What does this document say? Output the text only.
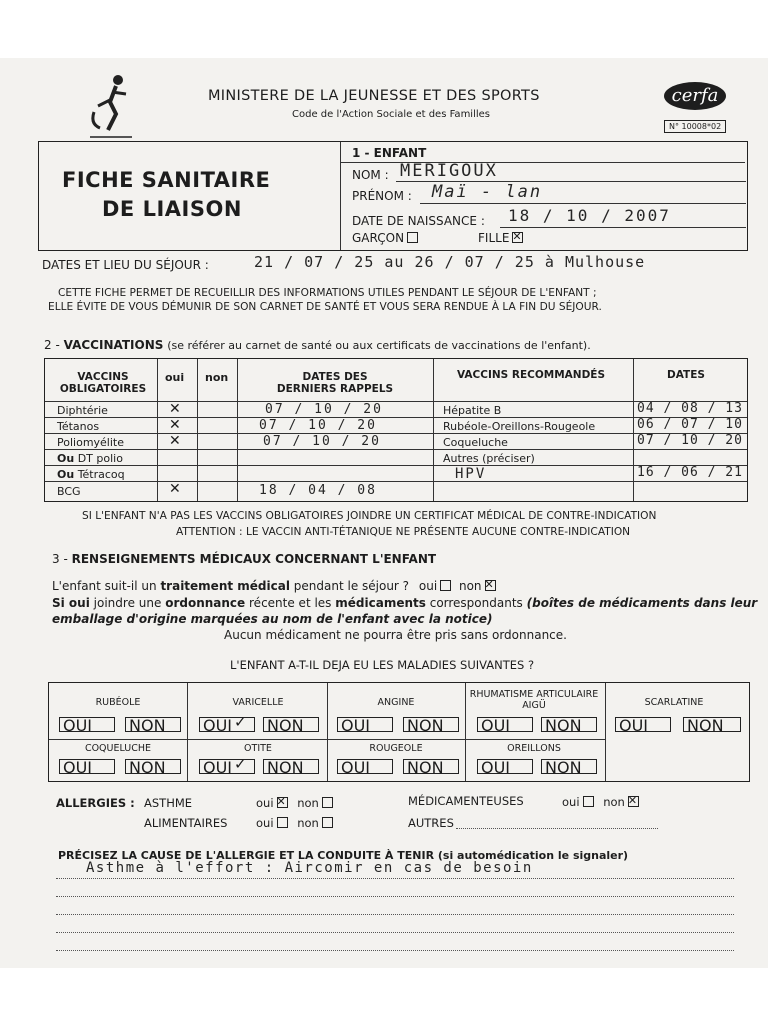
MINISTERE DE LA JEUNESSE ET DES SPORTS
Code de l'Action Sociale et des Familles
cerfa
N° 10008*02
FICHE SANITAIRE
DE LIAISON
1 - ENFANT
NOM : MERIGOUX
PRÉNOM : Maï - lan
DATE DE NAISSANCE : 18 / 10 / 2007
GARÇON	FILLE✕
DATES ET LIEU DU SÉJOUR :	21 / 07 / 25 au 26 / 07 / 25 à Mulhouse
CETTE FICHE PERMET DE RECUEILLIR DES INFORMATIONS UTILES PENDANT LE SÉJOUR DE L'ENFANT ;
ELLE ÉVITE DE VOUS DÉMUNIR DE SON CARNET DE SANTÉ ET VOUS SERA RENDUE À LA FIN DU SÉJOUR.
2 - VACCINATIONS (se référer au carnet de santé ou aux certificats de vaccinations de l'enfant).
VACCINS OBLIGATOIRES
oui non	DATES DES DERNIERS RAPPELS
VACCINS RECOMMANDÉS	DATES
Diphtérie	✕	07 / 10 / 20
Tétanos	✕	07 / 10 / 20
Poliomyélite	✕	07 / 10 / 20
Ou DT polio
Ou Tétracoq
BCG	✕	18 / 04 / 08
Hépatite B	04 / 08 / 13
Rubéole-Oreillons-Rougeole	06 / 07 / 10
Coqueluche	07 / 10 / 20
Autres (préciser)
HPV	16 / 06 / 21
SI L'ENFANT N'A PAS LES VACCINS OBLIGATOIRES JOINDRE UN CERTIFICAT MÉDICAL DE CONTRE-INDICATION
ATTENTION : LE VACCIN ANTI-TÉTANIQUE NE PRÉSENTE AUCUNE CONTRE-INDICATION
3 - RENSEIGNEMENTS MÉDICAUX CONCERNANT L'ENFANT
L'enfant suit-il un traitement médical pendant le séjour ? oui non✕
Si oui joindre une ordonnance récente et les médicaments correspondants (boîtes de médicaments dans leur
emballage d'origine marquées au nom de l'enfant avec la notice)
Aucun médicament ne pourra être pris sans ordonnance.
L'ENFANT A-T-IL DEJA EU LES MALADIES SUIVANTES ?
RUBÉOLE	VARICELLE	ANGINE
RHUMATISME ARTICULAIRE AIGÜ	SCARLATINE
OUI	NON	OUI ✓ NON	OUI	NON	OUI	NON	OUI	NON
COQUELUCHE	OTITE	ROUGEOLE	OREILLONS
OUI	NON	OUI ✓ NON	OUI	NON	OUI	NON
ALLERGIES : ASTHME	oui✕ non	MÉDICAMENTEUSES	oui non✕
ALIMENTAIRES oui non	AUTRES
PRÉCISEZ LA CAUSE DE L'ALLERGIE ET LA CONDUITE À TENIR (si automédication le signaler)
Asthme à l'effort : Aircomir en cas de besoin
